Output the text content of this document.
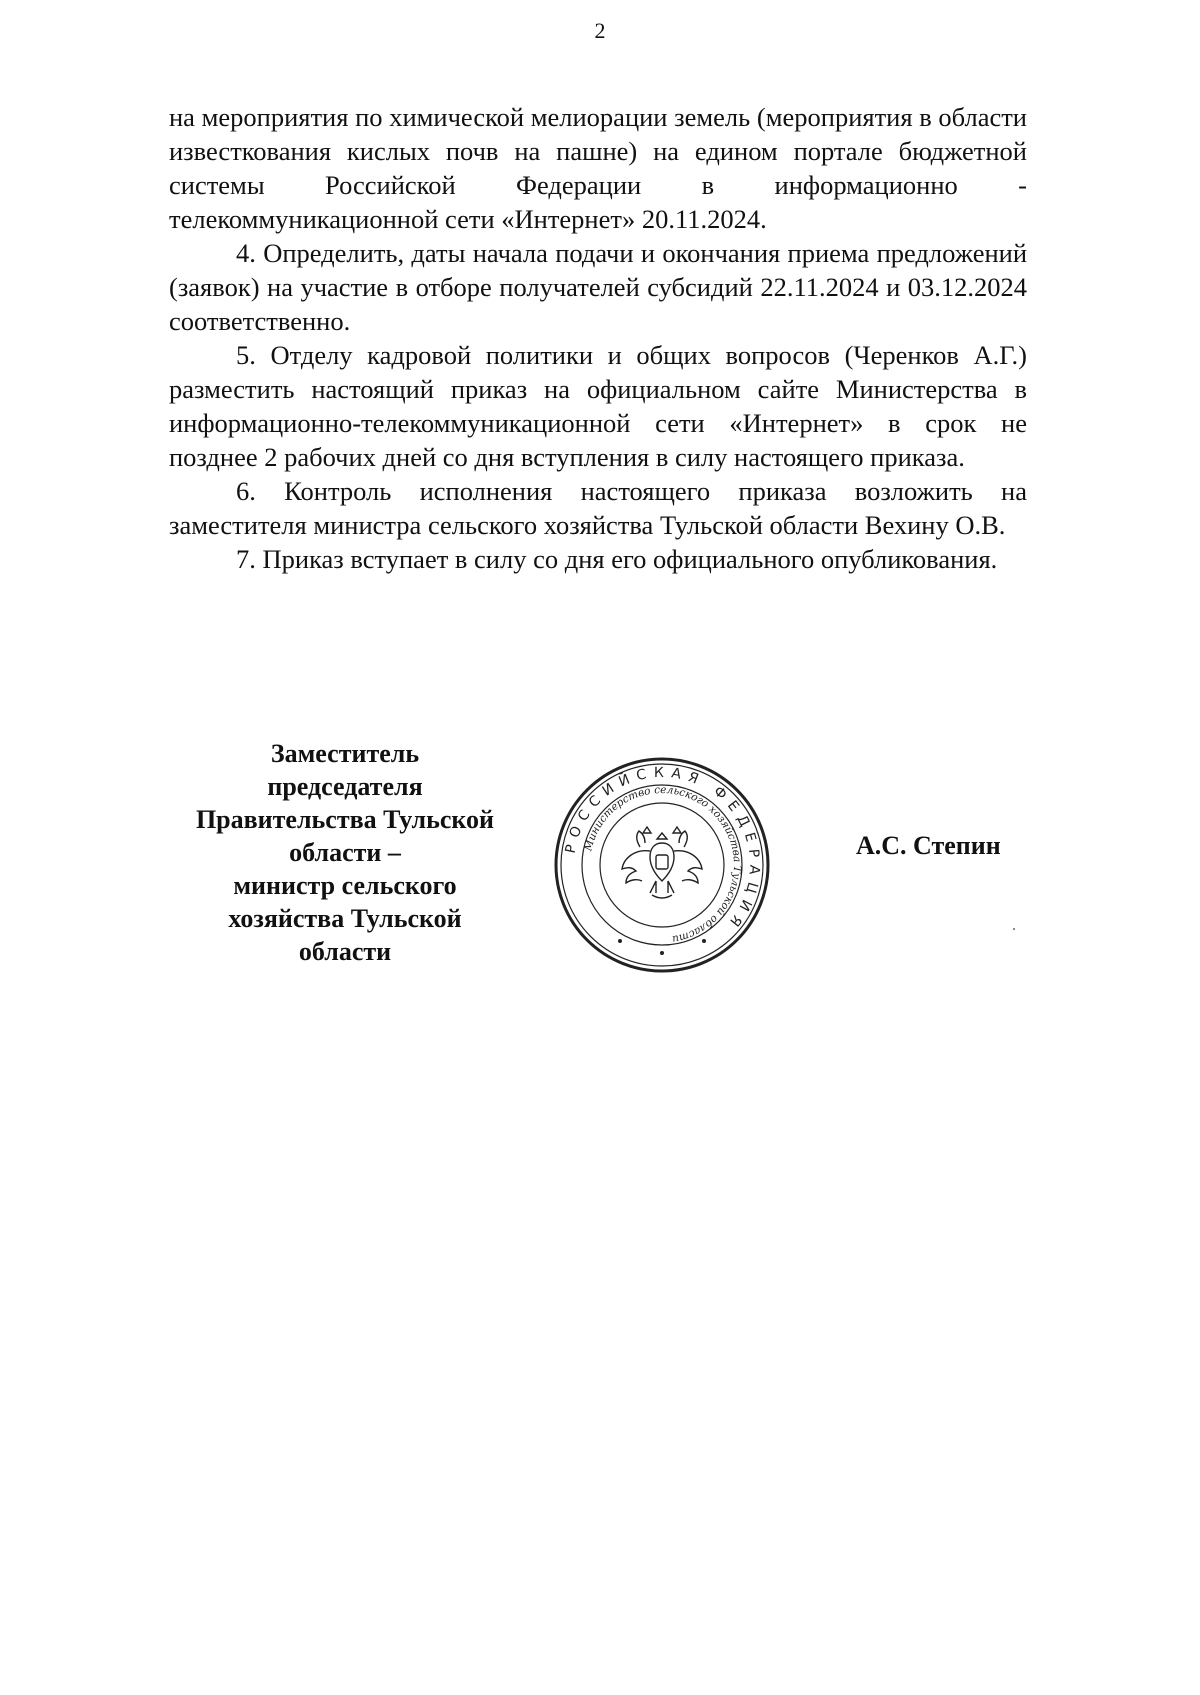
2

на мероприятия по химической мелиорации земель (мероприятия в области известкования кислых почв на пашне) на едином портале бюджетной системы Российской Федерации в информационно - телекоммуникационной сети «Интернет» 20.11.2024.

4. Определить, даты начала подачи и окончания приема предложений (заявок) на участие в отборе получателей субсидий 22.11.2024 и 03.12.2024 соответственно.

5. Отделу кадровой политики и общих вопросов (Черенков А.Г.) разместить настоящий приказ на официальном сайте Министерства в информационно-телекоммуникационной сети «Интернет» в срок не позднее 2 рабочих дней со дня вступления в силу настоящего приказа.

6. Контроль исполнения настоящего приказа возложить на заместителя министра сельского хозяйства Тульской области Вехину О.В.

7. Приказ вступает в силу со дня его официального опубликования.

Заместитель
председателя
Правительства Тульской
области –
министр сельского
хозяйства Тульской
области
РОССИЙСКАЯ ФЕДЕРАЦИЯ
Министерство сельского хозяйства Тульской области
А.С. Степин
